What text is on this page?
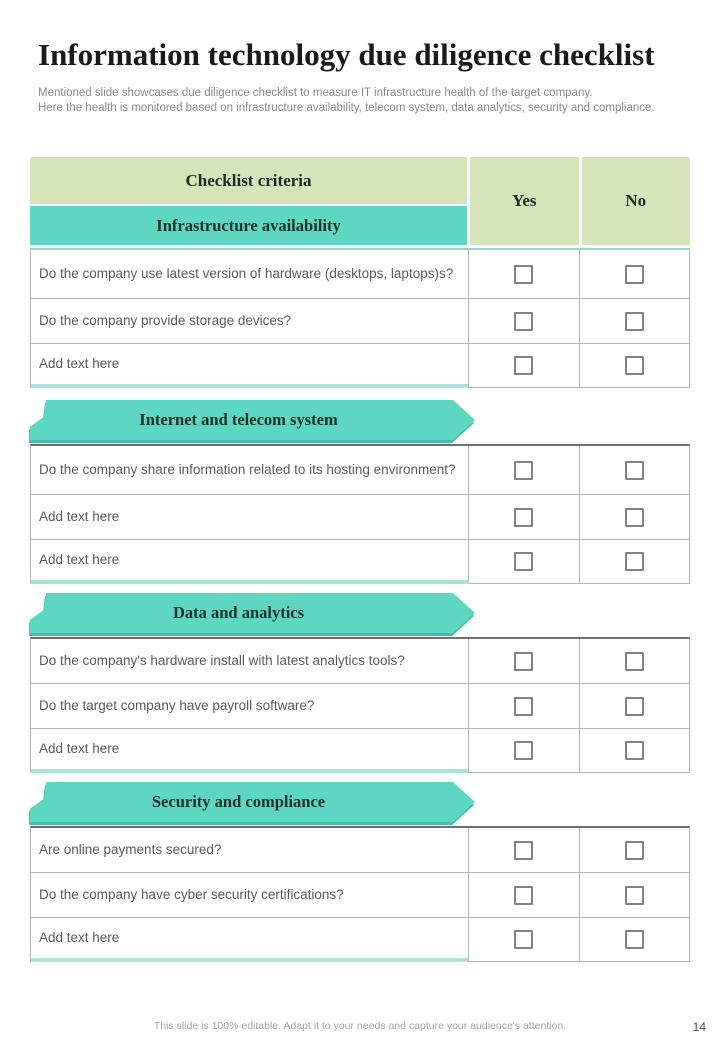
Information technology due diligence checklist
Mentioned slide showcases due diligence checklist to measure IT infrastructure health of the target company.
Here the health is monitored based on infrastructure availability, telecom system, data analytics, security and compliance.
Checklist criteria
Infrastructure availability
Yes	No
Do the company use latest version of hardware (desktops, laptops)s?
Do the company provide storage devices?
Add text here
Internet and telecom system
Do the company share information related to its hosting environment?
Add text here
Add text here
Data and analytics
Do the company's hardware install with latest analytics tools?
Do the target company have payroll software?
Add text here
Security and compliance
Are online payments secured?
Do the company have cyber security certifications?
Add text here
This slide is 100% editable. Adapt it to your needs and capture your audience's attention.	14
